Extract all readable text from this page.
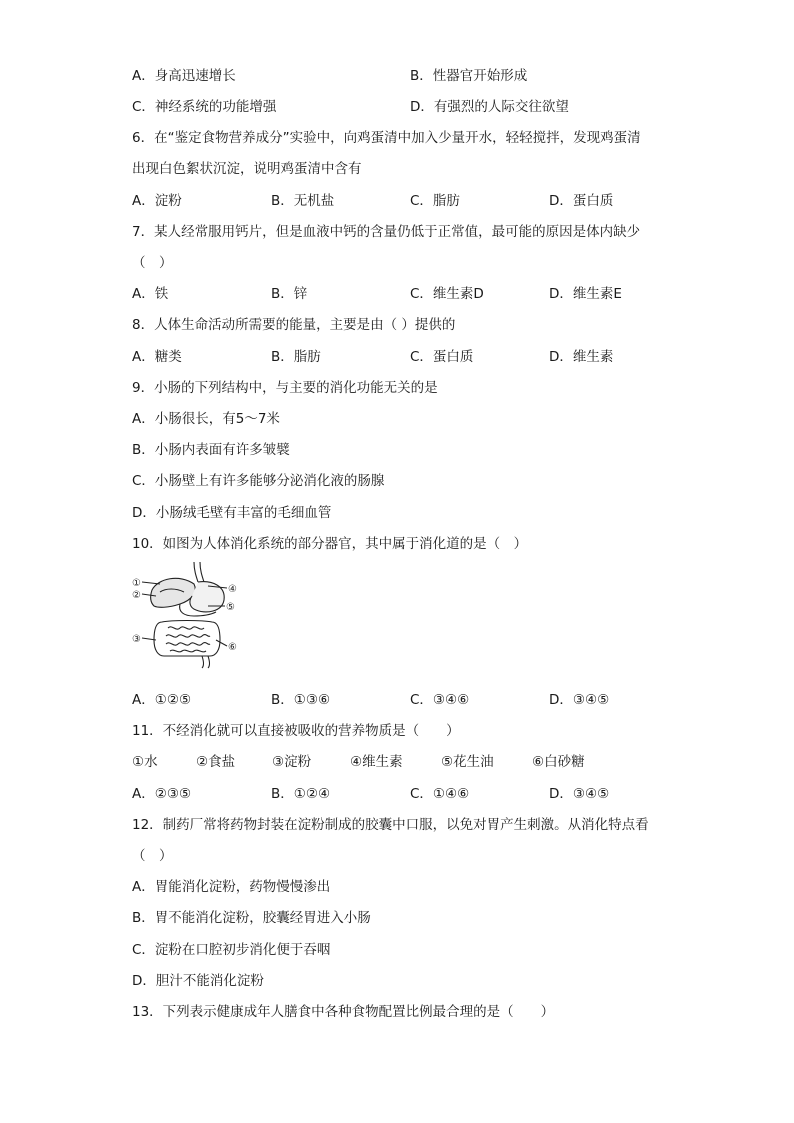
A．身高迅速增长	B．性器官开始形成
C．神经系统的功能增强	D．有强烈的人际交往欲望
6．在“鉴定食物营养成分”实验中，向鸡蛋清中加入少量开水，轻轻搅拌，发现鸡蛋清
出现白色絮状沉淀，说明鸡蛋清中含有
A．淀粉	B．无机盐	C．脂肪	D．蛋白质
7．某人经常服用钙片，但是血液中钙的含量仍低于正常值，最可能的原因是体内缺少
（　）
A．铁	B．锌	C．维生素D	D．维生素E
8．人体生命活动所需要的能量，主要是由（ ）提供的
A．糖类	B．脂肪	C．蛋白质	D．维生素
9．小肠的下列结构中，与主要的消化功能无关的是
A．小肠很长，有5～7米
B．小肠内表面有许多皱襞
C．小肠壁上有许多能够分泌消化液的肠腺
D．小肠绒毛壁有丰富的毛细血管
10．如图为人体消化系统的部分器官，其中属于消化道的是（　）
①
②
③
④
⑤
⑥
A．①②⑤	B．①③⑥	C．③④⑥	D．③④⑤
11．不经消化就可以直接被吸收的营养物质是（　　）
①水	②食盐	③淀粉	④维生素	⑤花生油	⑥白砂糖
A．②③⑤	B．①②④	C．①④⑥	D．③④⑤
12．制药厂常将药物封装在淀粉制成的胶囊中口服，以免对胃产生刺激。从消化特点看
（　）
A．胃能消化淀粉，药物慢慢渗出
B．胃不能消化淀粉，胶囊经胃进入小肠
C．淀粉在口腔初步消化便于吞咽
D．胆汁不能消化淀粉
13．下列表示健康成年人膳食中各种食物配置比例最合理的是（　　）
